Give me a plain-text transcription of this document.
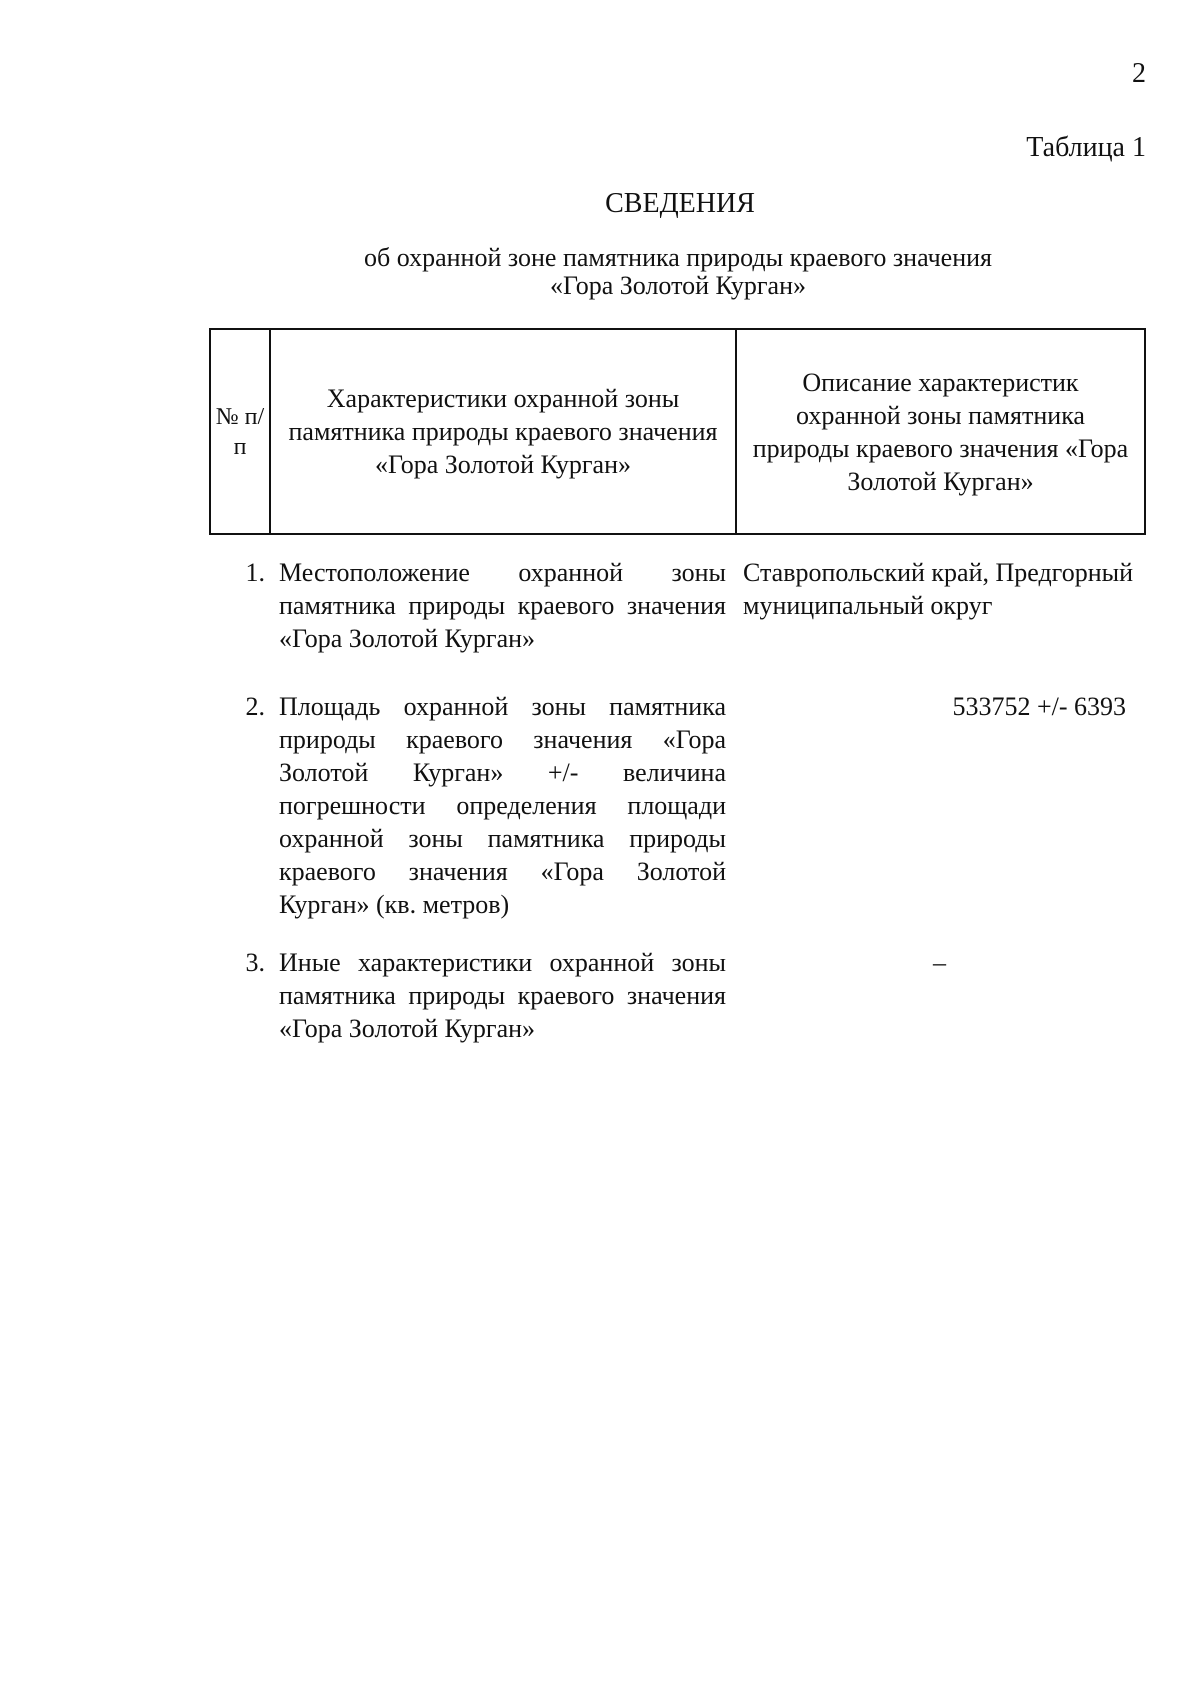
2
Таблица 1
СВЕДЕНИЯ
об охранной зоне памятника природы краевого значения «Гора Золотой Курган»
№ п/п
Характеристики охранной зоны памятника природы краевого значения «Гора Золотой Курган»
Описание характеристик охранной зоны памятника природы краевого значения «Гора Золотой Курган»
1. Местоположение охранной зоны памятника природы краевого значения «Гора Золотой Курган»
Ставропольский край, Предгорный муниципальный округ
2. Площадь охранной зоны памятника природы краевого значения «Гора Золотой Курган» +/- величина погрешности определения площади охранной зоны памятника природы краевого значения «Гора Золотой Курган» (кв. метров)
533752 +/- 6393
3. Иные характеристики охранной зоны памятника природы краевого значения «Гора Золотой Курган»
–
